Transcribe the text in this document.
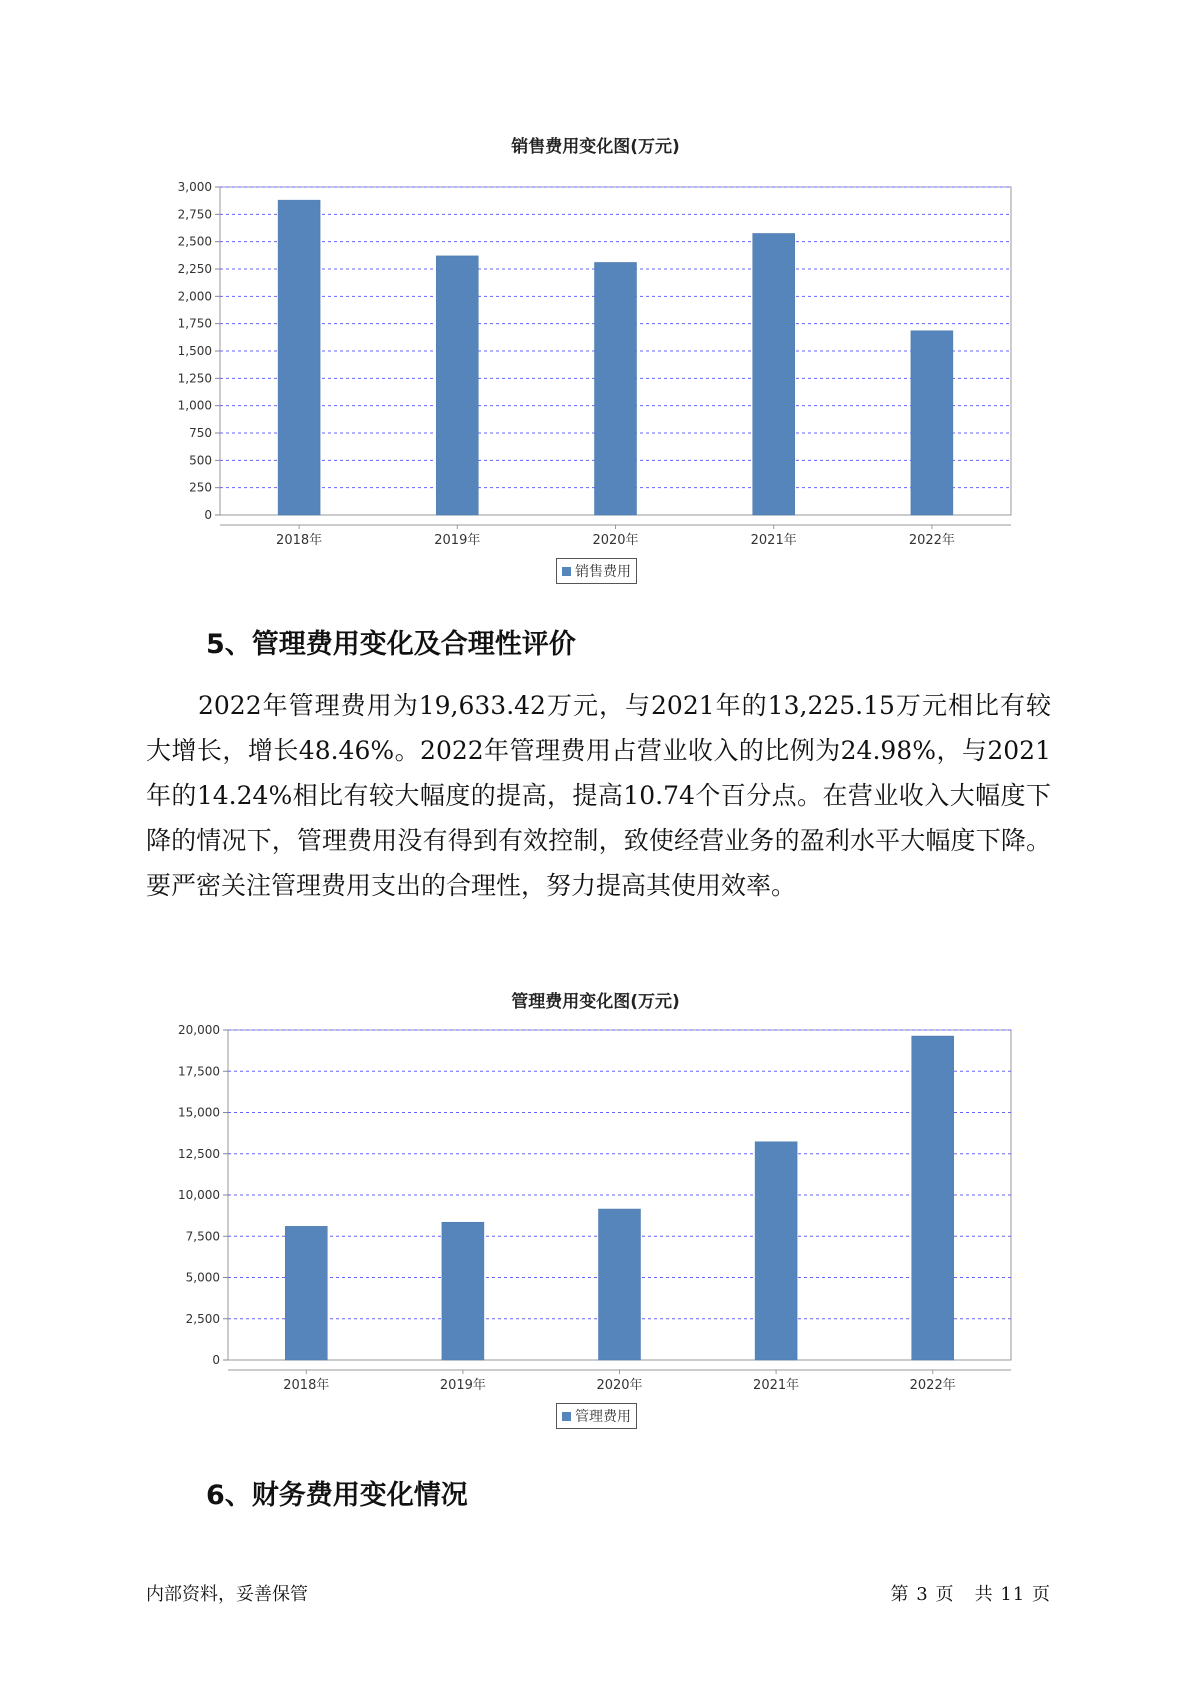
销售费用变化图(万元)
0
250
500
750
1,000
1,250
1,500
1,750
2,000
2,250
2,500
2,750
3,000
2018年	2019年	2020年	2021年	2022年
销售费用
5、管理费用变化及合理性评价
2022年管理费用为19,633.42万元，与2021年的13,225.15万元相比有较大增长，增长48.46%。2022年管理费用占营业收入的比例为24.98%，与2021年的14.24%相比有较大幅度的提高，提高10.74个百分点。在营业收入大幅度下降的情况下，管理费用没有得到有效控制，致使经营业务的盈利水平大幅度下降。要严密关注管理费用支出的合理性，努力提高其使用效率。
管理费用变化图(万元)
0
2,500
5,000
7,500
10,000
12,500
15,000
17,500
20,000
2018年	2019年	2020年	2021年	2022年
管理费用
6、财务费用变化情况
内部资料，妥善保管	第 3 页 共 11 页
